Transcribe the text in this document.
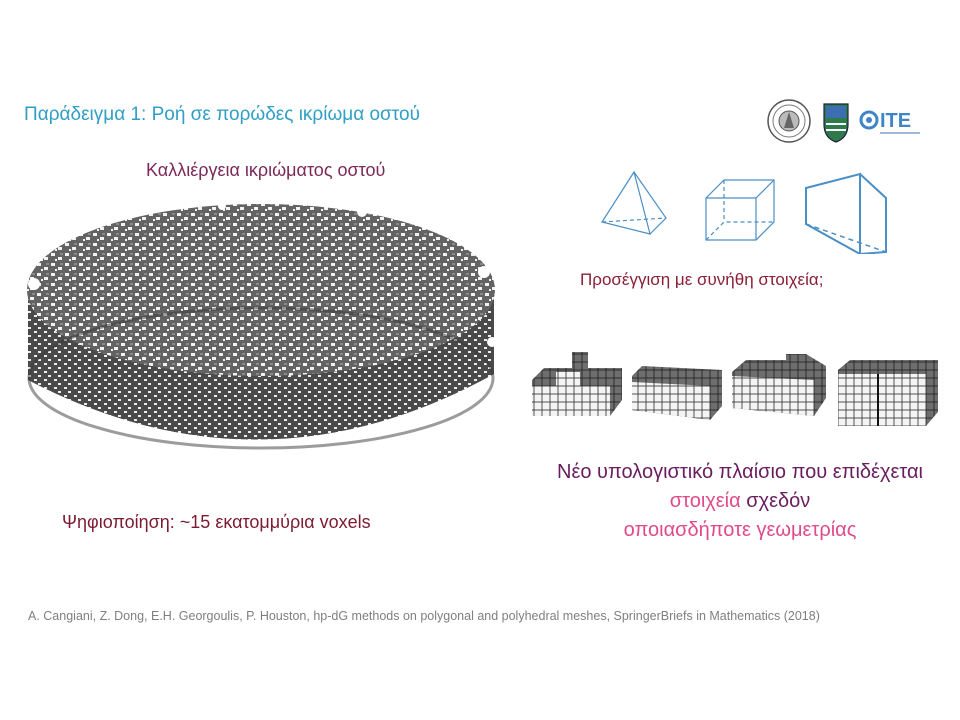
Παράδειγμα 1: Ροή σε πορώδες ικρίωμα οστού	ITE
Καλλιέργεια ικριώματος οστού
Ψηφιοποίηση: ~15 εκατομμύρια voxels
Προσέγγιση με συνήθη στοιχεία;
Νέο υπολογιστικό πλαίσιο που επιδέχεται στοιχεία σχεδόν
οποιασδήποτε γεωμετρίας
A. Cangiani, Z. Dong, E.H. Georgoulis, P. Houston, hp-dG methods on polygonal and polyhedral meshes, SpringerBriefs in Mathematics (2018)
